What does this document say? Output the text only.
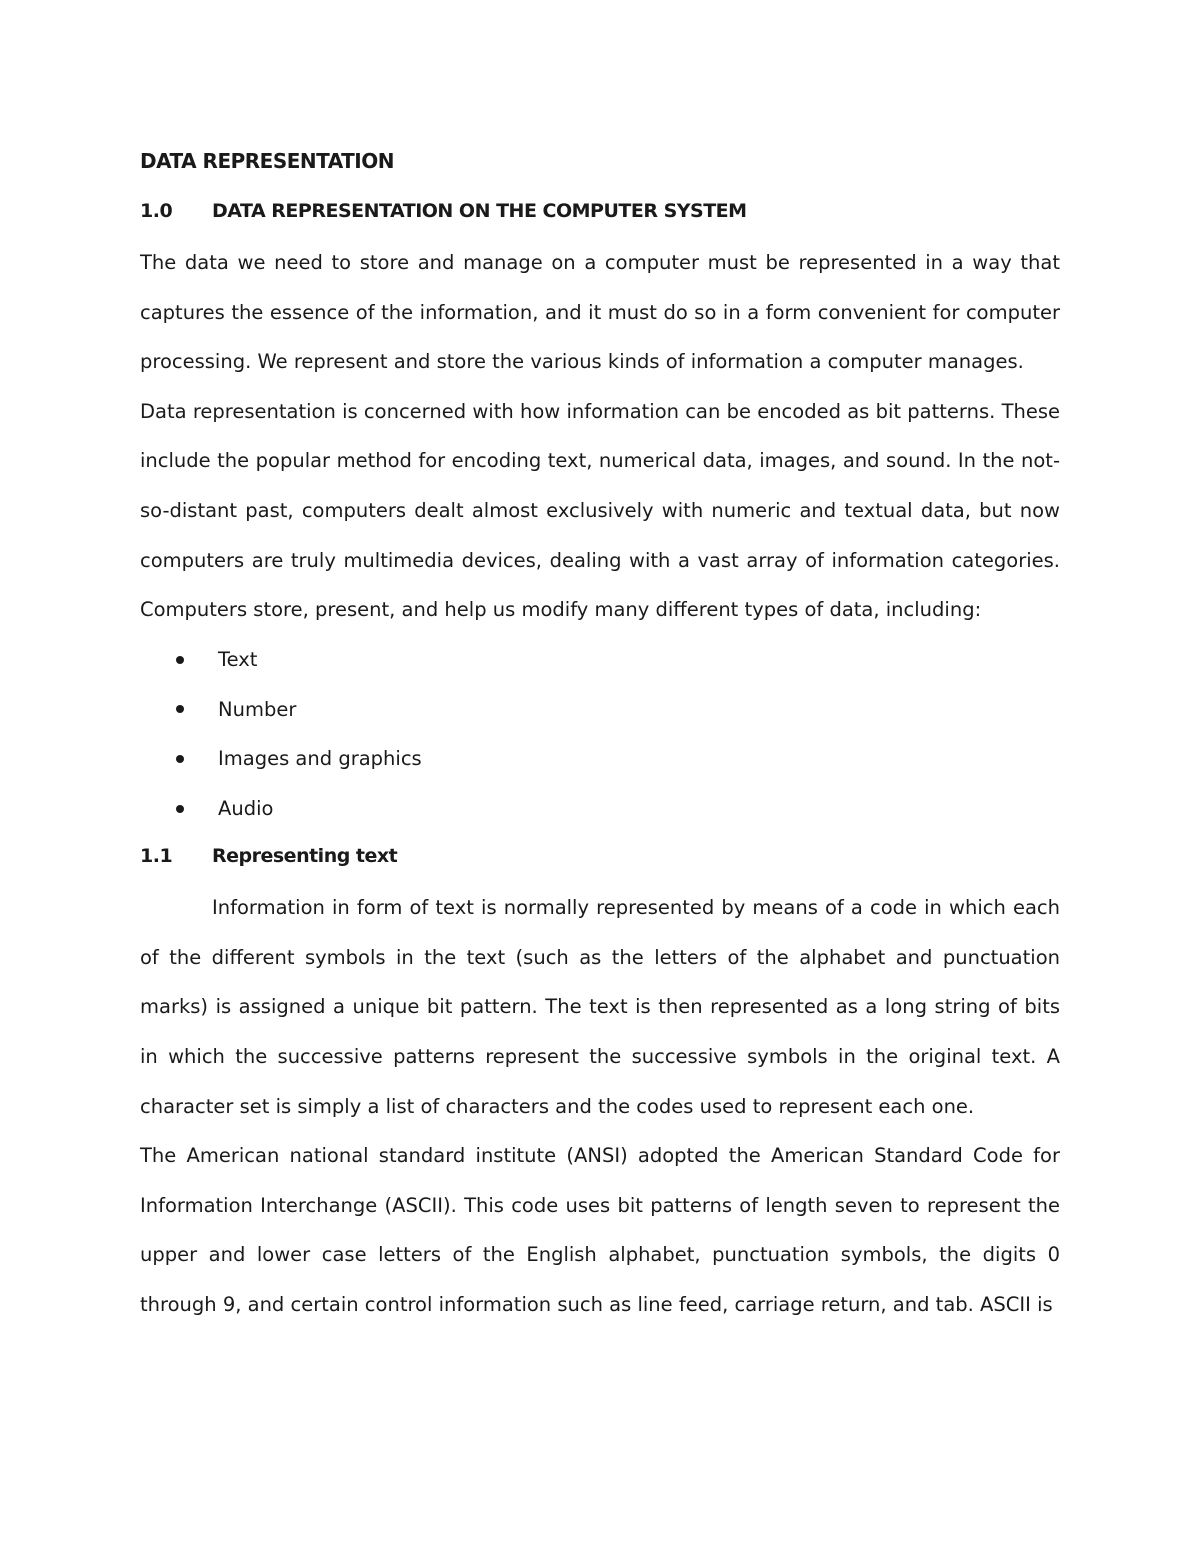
DATA REPRESENTATION
1.0	DATA REPRESENTATION ON THE COMPUTER SYSTEM

The data we need to store and manage on a computer must be represented in a way that captures the essence of the information, and it must do so in a form convenient for computer processing. We represent and store the various kinds of information a computer manages.

Data representation is concerned with how information can be encoded as bit patterns. These include the popular method for encoding text, numerical data, images, and sound. In the not-so-distant past, computers dealt almost exclusively with numeric and textual data, but now computers are truly multimedia devices, dealing with a vast array of information categories. Computers store, present, and help us modify many different types of data, including:

Text
Number
Images and graphics
Audio
1.1	Representing text

Information in form of text is normally represented by means of a code in which each of the different symbols in the text (such as the letters of the alphabet and punctuation marks) is assigned a unique bit pattern. The text is then represented as a long string of bits in which the successive patterns represent the successive symbols in the original text. A character set is simply a list of characters and the codes used to represent each one.

The American national standard institute (ANSI) adopted the American Standard Code for Information Interchange (ASCII). This code uses bit patterns of length seven to represent the upper and lower case letters of the English alphabet, punctuation symbols, the digits 0 through 9, and certain control information such as line feed, carriage return, and tab. ASCII is
